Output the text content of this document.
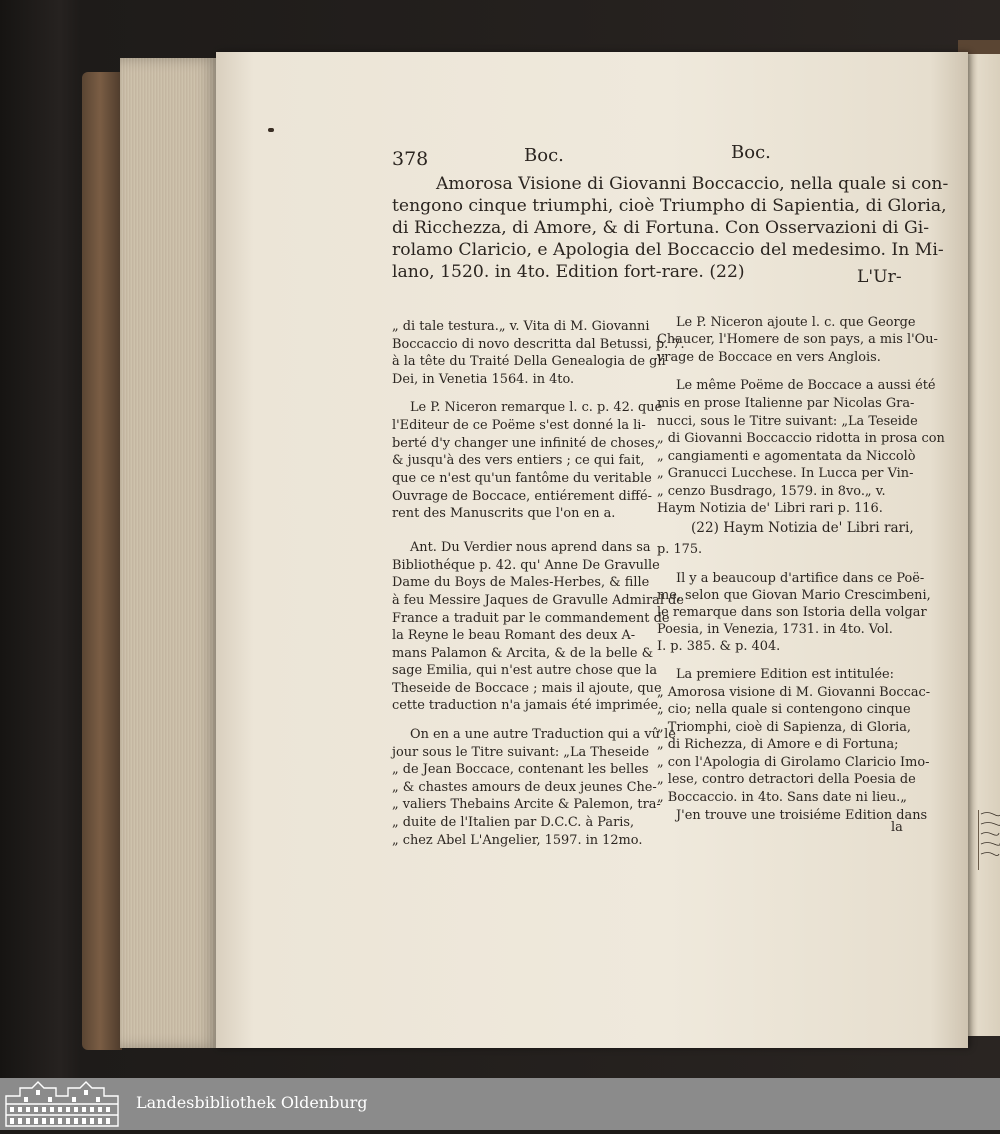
378	Boc.	Boc.
Amorosa Visione di Giovanni Boccaccio, nella quale si con-
tengono cinque triumphi, cioè Triumpho di Sapientia, di Gloria,
di Ricchezza, di Amore, & di Fortuna. Con Osservazioni di Gi-
rolamo Claricio, e Apologia del Boccaccio del medesimo. In Mi-
lano, 1520. in 4to. Edition fort-rare. (22)	L'Ur-
„ di tale testura.„ v. Vita di M. Giovanni
Boccaccio di novo descritta dal Betussi, p. 7.
à la tête du Traité Della Genealogia de gli
Dei, in Venetia 1564. in 4to.
Le P. Niceron remarque l. c. p. 42. que
l'Editeur de ce Poëme s'est donné la li-
berté d'y changer une infinité de choses,
& jusqu'à des vers entiers ; ce qui fait,
que ce n'est qu'un fantôme du veritable
Ouvrage de Boccace, entiérement diffé-
rent des Manuscrits que l'on en a.
Ant. Du Verdier nous aprend dans sa
Bibliothéque p. 42. qu' Anne De Gravulle
Dame du Boys de Males-Herbes, & fille
à feu Messire Jaques de Gravulle Admiral de
France a traduit par le commandement de
la Reyne le beau Romant des deux A-
mans Palamon & Arcita, & de la belle &
sage Emilia, qui n'est autre chose que la
Theseide de Boccace ; mais il ajoute, que
cette traduction n'a jamais été imprimée.
On en a une autre Traduction qui a vû le
jour sous le Titre suivant: „La Theseide
„ de Jean Boccace, contenant les belles
„ & chastes amours de deux jeunes Che-
„ valiers Thebains Arcite & Palemon, tra-
„ duite de l'Italien par D.C.C. à Paris,
„ chez Abel L'Angelier, 1597. in 12mo.
Le P. Niceron ajoute l. c. que George
Chaucer, l'Homere de son pays, a mis l'Ou-
vrage de Boccace en vers Anglois.
Le même Poëme de Boccace a aussi été
mis en prose Italienne par Nicolas Gra-
nucci, sous le Titre suivant: „La Teseide
„ di Giovanni Boccaccio ridotta in prosa con
„ cangiamenti e agomentata da Niccolò
„ Granucci Lucchese. In Lucca per Vin-
„ cenzo Busdrago, 1579. in 8vo.„ v.
Haym Notizia de' Libri rari p. 116.
(22) Haym Notizia de' Libri rari,
p. 175.
Il y a beaucoup d'artifice dans ce Poë-
me, selon que Giovan Mario Crescimbeni,
le remarque dans son Istoria della volgar
Poesia, in Venezia, 1731. in 4to. Vol.
I. p. 385. & p. 404.
La premiere Edition est intitulée:
„ Amorosa visione di M. Giovanni Boccac-
„ cio; nella quale si contengono cinque
„ Triomphi, cioè di Sapienza, di Gloria,
„ di Richezza, di Amore e di Fortuna;
„ con l'Apologia di Girolamo Claricio Imo-
„ lese, contro detractori della Poesia de
„ Boccaccio. in 4to. Sans date ni lieu.„
J'en trouve une troisiéme Edition dans
la
Landesbibliothek Oldenburg
